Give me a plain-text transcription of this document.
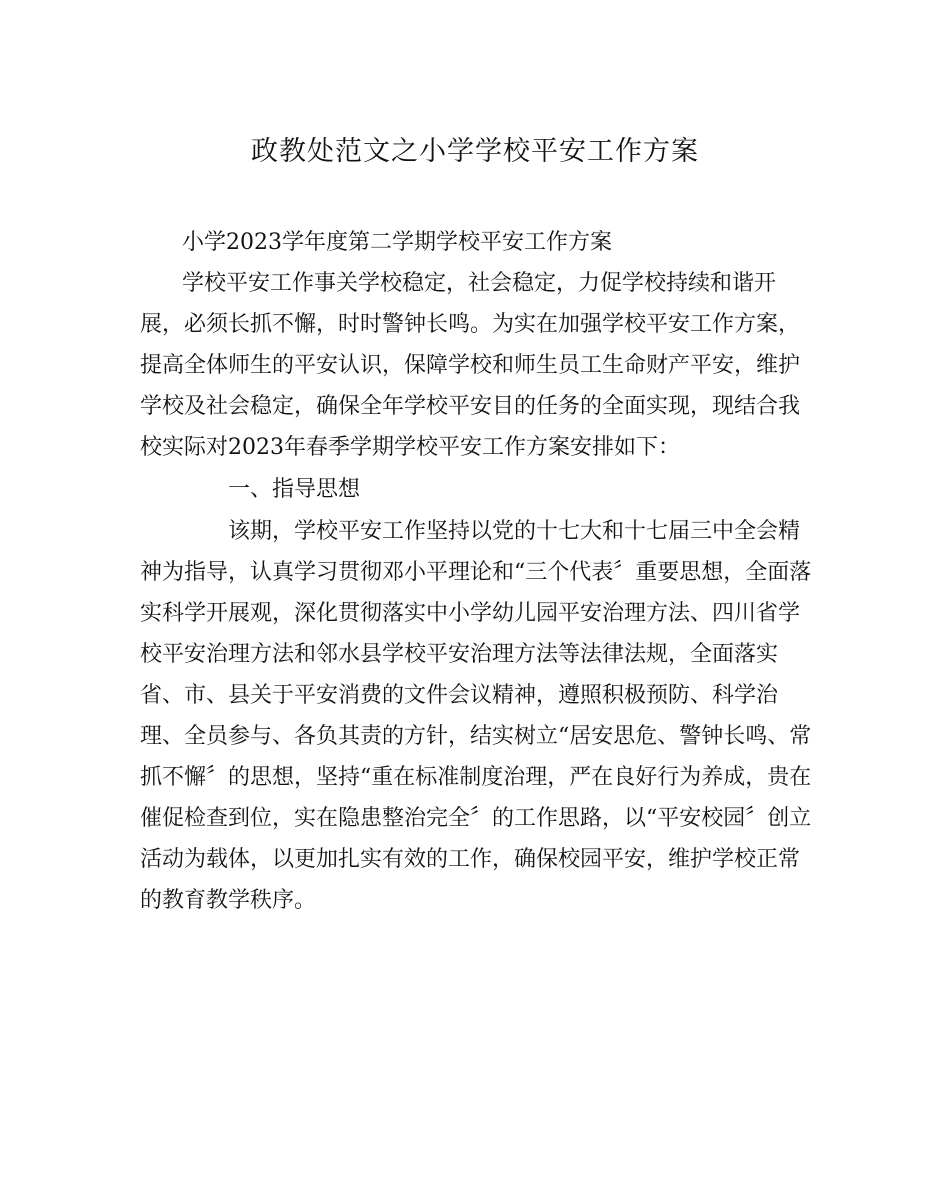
政教处范文之小学学校平安工作方案
小学2023学年度第二学期学校平安工作方案
学校平安工作事关学校稳定，社会稳定，力促学校持续和谐开
展，必须长抓不懈，时时警钟长鸣。为实在加强学校平安工作方案，
提高全体师生的平安认识，保障学校和师生员工生命财产平安，维护
学校及社会稳定，确保全年学校平安目的任务的全面实现，现结合我
校实际对2023年春季学期学校平安工作方案安排如下：
一、指导思想
该期，学校平安工作坚持以党的十七大和十七届三中全会精
神为指导，认真学习贯彻邓小平理论和“三个代表〞重要思想，全面落
实科学开展观，深化贯彻落实中小学幼儿园平安治理方法、四川省学
校平安治理方法和邻水县学校平安治理方法等法律法规，全面落实
省、市、县关于平安消费的文件会议精神，遵照积极预防、科学治
理、全员参与、各负其责的方针，结实树立“居安思危、警钟长鸣、常
抓不懈〞的思想，坚持“重在标准制度治理，严在良好行为养成，贵在
催促检查到位，实在隐患整治完全〞的工作思路，以“平安校园〞创立
活动为载体，以更加扎实有效的工作，确保校园平安，维护学校正常
的教育教学秩序。
